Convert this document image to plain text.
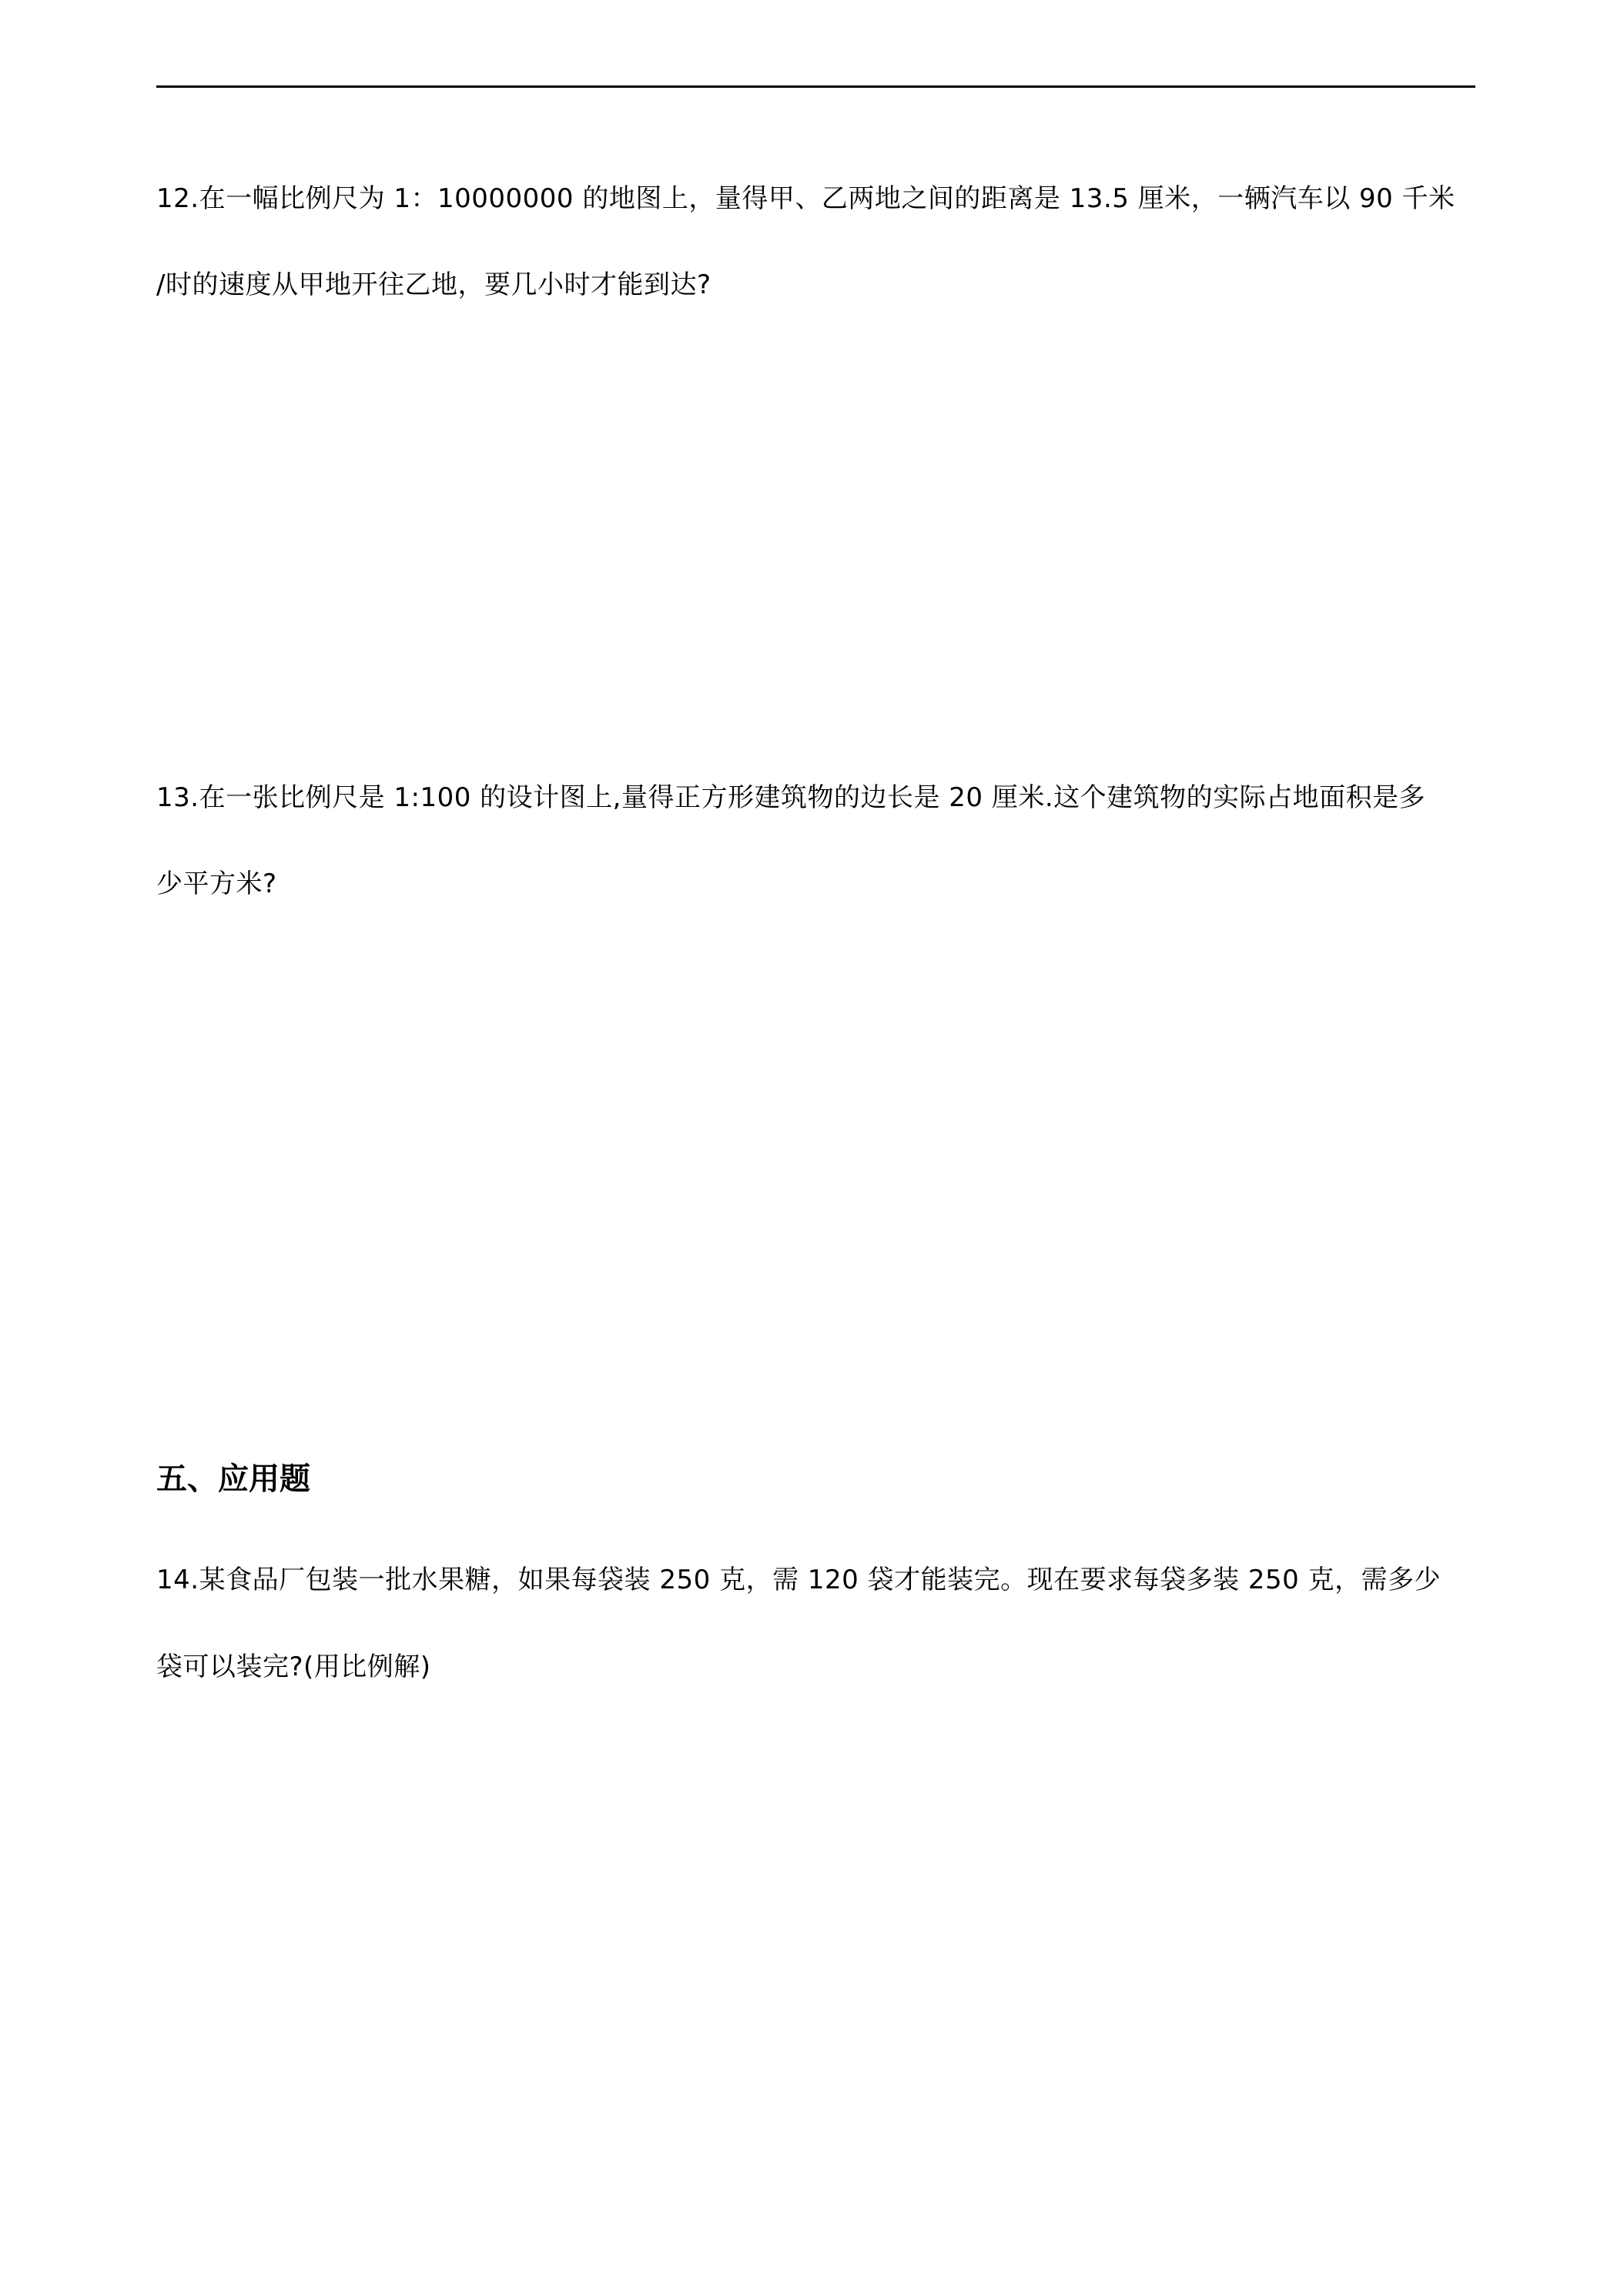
12.在一幅比例尺为 1：10000000 的地图上，量得甲、乙两地之间的距离是 13.5 厘米，一辆汽车以 90 千米
/时的速度从甲地开往乙地，要几小时才能到达?
13.在一张比例尺是 1:100 的设计图上,量得正方形建筑物的边长是 20 厘米.这个建筑物的实际占地面积是多
少平方米?
五、应用题
14.某食品厂包装一批水果糖，如果每袋装 250 克，需 120 袋才能装完。现在要求每袋多装 250 克，需多少
袋可以装完?(用比例解)
